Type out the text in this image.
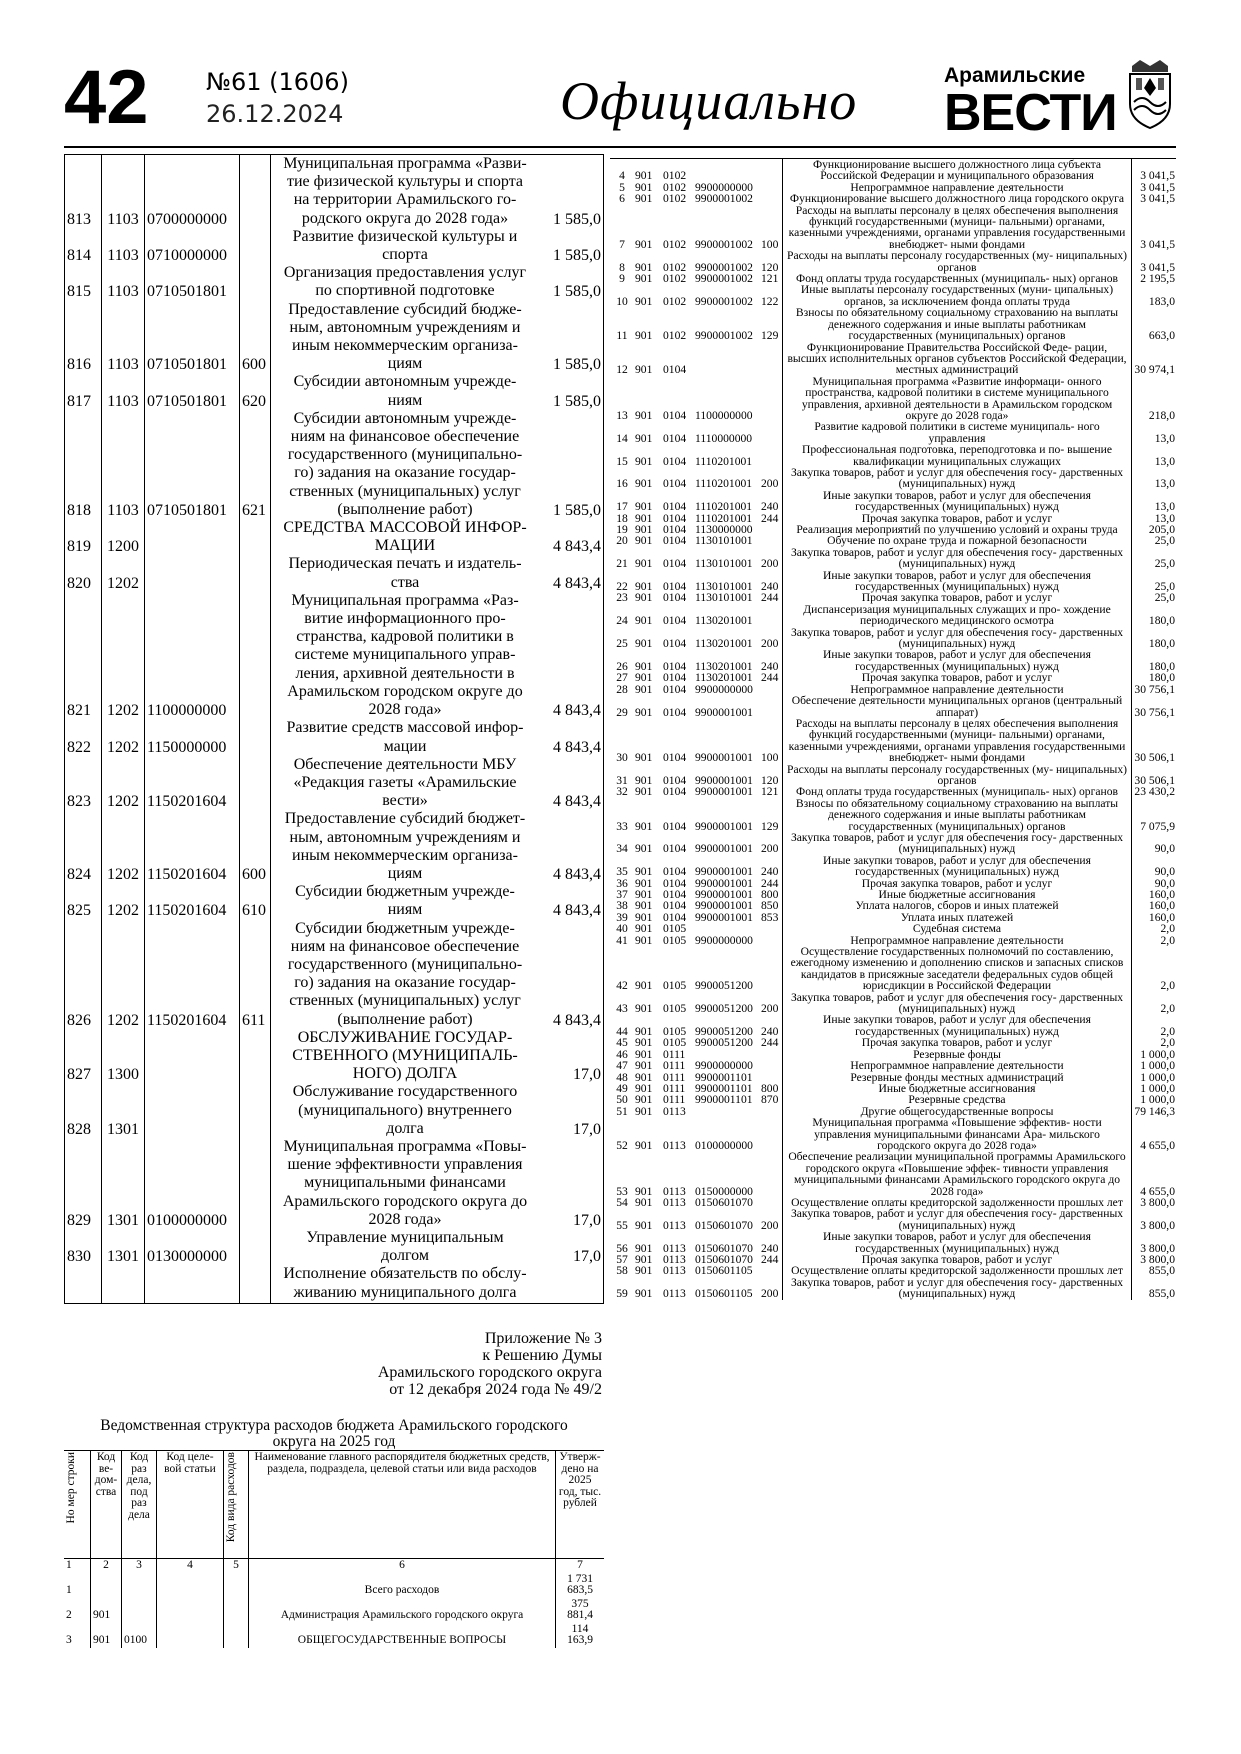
42 №61 (1606)
26.12.2024	Официально	Арамильские
ВЕСТИ
				Муниципальная программа «Разви-	
				тие физической культуры и спорта	
				на территории Арамильского го-	
813	1103	0700000000		родского округа до 2028 года»	1 585,0
				Развитие физической культуры и	
814	1103	0710000000		спорта	1 585,0
				Организация предоставления услуг	
815	1103	0710501801		по спортивной подготовке	1 585,0
				Предоставление субсидий бюдже-	
				ным, автономным учреждениям и	
				иным некоммерческим организа-	
816	1103	0710501801	600	циям	1 585,0
				Субсидии автономным учрежде-	
817	1103	0710501801	620	ниям	1 585,0
				Субсидии автономным учрежде-	
				ниям на финансовое обеспечение	
				государственного (муниципально-	
				го) задания на оказание государ-	
				ственных (муниципальных) услуг	
818	1103	0710501801	621	(выполнение работ)	1 585,0
				СРЕДСТВА МАССОВОЙ ИНФОР-	
819	1200			МАЦИИ	4 843,4
				Периодическая печать и издатель-	
820	1202			ства	4 843,4
				Муниципальная программа «Раз-	
				витие информационного про-	
				странства, кадровой политики в	
				системе муниципального управ-	
				ления, архивной деятельности в	
				Арамильском городском округе до	
821	1202	1100000000		2028 года»	4 843,4
				Развитие средств массовой инфор-	
822	1202	1150000000		мации	4 843,4
				Обеспечение деятельности МБУ	
				«Редакция газеты «Арамильские	
823	1202	1150201604		вести»	4 843,4
				Предоставление субсидий бюджет-	
				ным, автономным учреждениям и	
				иным некоммерческим организа-	
824	1202	1150201604	600	циям	4 843,4
				Субсидии бюджетным учрежде-	
825	1202	1150201604	610	ниям	4 843,4
				Субсидии бюджетным учрежде-	
				ниям на финансовое обеспечение	
				государственного (муниципально-	
				го) задания на оказание государ-	
				ственных (муниципальных) услуг	
826	1202	1150201604	611	(выполнение работ)	4 843,4
				ОБСЛУЖИВАНИЕ ГОСУДАР-	
				СТВЕННОГО (МУНИЦИПАЛЬ-	
827	1300			НОГО) ДОЛГА	17,0
				Обслуживание государственного	
				(муниципального) внутреннего	
828	1301			долга	17,0
				Муниципальная программа «Повы-	
				шение эффективности управления	
				муниципальными финансами	
				Арамильского городского округа до	
829	1301	0100000000		2028 года»	17,0
				Управление муниципальным	
830	1301	0130000000		долгом	17,0
				Исполнение обязательств по обслу-	
				живанию муниципального долга	

Приложение № 3
к Решению Думы
Арамильского городского округа
от 12 декабря 2024 года № 49/2
Ведомственная структура расходов бюджета Арамильского городского
округа на 2025 год
Но мер строки	Код ве- дом- ства	Код раз дела, под раз дела	Код целе- вой статьи	Код вида расходов	Наименование главного распорядителя бюджетных средств, раздела, подраздела, целевой статьи или вида расходов	Утверж- дено на 2025 год, тыс. рублей
1	2	3	4	5	6	7
1					Всего расходов	1 731
683,5

2	901				Администрация Арамильского городского округа	375
881,4

3	901	0100			ОБЩЕГОСУДАРСТВЕННЫЕ ВОПРОСЫ	114
163,9
4	901	0102			Функционирование высшего должностного лица субъекта Российской Федерации и муниципального образования	3 041,5
5	901	0102	9900000000		Непрограммное направление деятельности	3 041,5
6	901	0102	9900001002		Функционирование высшего должностного лица городского округа	3 041,5
7	901	0102	9900001002	100	Расходы на выплаты персоналу в целях обеспечения выполнения функций государственными (муници- пальными) органами, казенными учреждениями, органами управления государственными внебюджет- ными фондами	3 041,5
8	901	0102	9900001002	120	Расходы на выплаты персоналу государственных (му- ниципальных) органов	3 041,5
9	901	0102	9900001002	121	Фонд оплаты труда государственных (муниципаль- ных) органов	2 195,5
10	901	0102	9900001002	122	Иные выплаты персоналу государственных (муни- ципальных) органов, за исключением фонда оплаты труда	183,0
11	901	0102	9900001002	129	Взносы по обязательному социальному страхованию на выплаты денежного содержания и иные выплаты работникам государственных (муниципальных) органов	663,0
12	901	0104			Функционирование Правительства Российской Феде- рации, высших исполнительных органов субъектов Российской Федерации, местных администраций	30 974,1
13	901	0104	1100000000		Муниципальная программа «Развитие информаци- онного пространства, кадровой политики в системе муниципального управления, архивной деятельности в Арамильском городском округе до 2028 года»	218,0
14	901	0104	1110000000		Развитие кадровой политики в системе муниципаль- ного управления	13,0
15	901	0104	1110201001		Профессиональная подготовка, переподготовка и по- вышение квалификации муниципальных служащих	13,0
16	901	0104	1110201001	200	Закупка товаров, работ и услуг для обеспечения госу- дарственных (муниципальных) нужд	13,0
17	901	0104	1110201001	240	Иные закупки товаров, работ и услуг для обеспечения государственных (муниципальных) нужд	13,0
18	901	0104	1110201001	244	Прочая закупка товаров, работ и услуг	13,0
19	901	0104	1130000000		Реализация мероприятий по улучшению условий и охраны труда	205,0
20	901	0104	1130101001		Обучение по охране труда и пожарной безопасности	25,0
21	901	0104	1130101001	200	Закупка товаров, работ и услуг для обеспечения госу- дарственных (муниципальных) нужд	25,0
22	901	0104	1130101001	240	Иные закупки товаров, работ и услуг для обеспечения государственных (муниципальных) нужд	25,0
23	901	0104	1130101001	244	Прочая закупка товаров, работ и услуг	25,0
24	901	0104	1130201001		Диспансеризация муниципальных служащих и про- хождение периодического медицинского осмотра	180,0
25	901	0104	1130201001	200	Закупка товаров, работ и услуг для обеспечения госу- дарственных (муниципальных) нужд	180,0
26	901	0104	1130201001	240	Иные закупки товаров, работ и услуг для обеспечения государственных (муниципальных) нужд	180,0
27	901	0104	1130201001	244	Прочая закупка товаров, работ и услуг	180,0
28	901	0104	9900000000		Непрограммное направление деятельности	30 756,1
29	901	0104	9900001001		Обеспечение деятельности муниципальных органов (центральный аппарат)	30 756,1
30	901	0104	9900001001	100	Расходы на выплаты персоналу в целях обеспечения выполнения функций государственными (муници- пальными) органами, казенными учреждениями, органами управления государственными внебюджет- ными фондами	30 506,1
31	901	0104	9900001001	120	Расходы на выплаты персоналу государственных (му- ниципальных) органов	30 506,1
32	901	0104	9900001001	121	Фонд оплаты труда государственных (муниципаль- ных) органов	23 430,2
33	901	0104	9900001001	129	Взносы по обязательному социальному страхованию на выплаты денежного содержания и иные выплаты работникам государственных (муниципальных) органов	7 075,9
34	901	0104	9900001001	200	Закупка товаров, работ и услуг для обеспечения госу- дарственных (муниципальных) нужд	90,0
35	901	0104	9900001001	240	Иные закупки товаров, работ и услуг для обеспечения государственных (муниципальных) нужд	90,0
36	901	0104	9900001001	244	Прочая закупка товаров, работ и услуг	90,0
37	901	0104	9900001001	800	Иные бюджетные ассигнования	160,0
38	901	0104	9900001001	850	Уплата налогов, сборов и иных платежей	160,0
39	901	0104	9900001001	853	Уплата иных платежей	160,0
40	901	0105			Судебная система	2,0
41	901	0105	9900000000		Непрограммное направление деятельности	2,0
42	901	0105	9900051200		Осуществление государственных полномочий по составлению, ежегодному изменению и дополнению списков и запасных списков кандидатов в присяжные заседатели федеральных судов общей юрисдикции в Российской Федерации	2,0
43	901	0105	9900051200	200	Закупка товаров, работ и услуг для обеспечения госу- дарственных (муниципальных) нужд	2,0
44	901	0105	9900051200	240	Иные закупки товаров, работ и услуг для обеспечения государственных (муниципальных) нужд	2,0
45	901	0105	9900051200	244	Прочая закупка товаров, работ и услуг	2,0
46	901	0111			Резервные фонды	1 000,0
47	901	0111	9900000000		Непрограммное направление деятельности	1 000,0
48	901	0111	9900001101		Резервные фонды местных администраций	1 000,0
49	901	0111	9900001101	800	Иные бюджетные ассигнования	1 000,0
50	901	0111	9900001101	870	Резервные средства	1 000,0
51	901	0113			Другие общегосударственные вопросы	79 146,3
52	901	0113	0100000000		Муниципальная программа «Повышение эффектив- ности управления муниципальными финансами Ара- мильского городского округа до 2028 года»	4 655,0
53	901	0113	0150000000		Обеспечение реализации муниципальной программы Арамильского городского округа «Повышение эффек- тивности управления муниципальными финансами Арамильского городского округа до 2028 года»	4 655,0
54	901	0113	0150601070		Осуществление оплаты кредиторской задолженности прошлых лет	3 800,0
55	901	0113	0150601070	200	Закупка товаров, работ и услуг для обеспечения госу- дарственных (муниципальных) нужд	3 800,0
56	901	0113	0150601070	240	Иные закупки товаров, работ и услуг для обеспечения государственных (муниципальных) нужд	3 800,0
57	901	0113	0150601070	244	Прочая закупка товаров, работ и услуг	3 800,0
58	901	0113	0150601105		Осуществление оплаты кредиторской задолженности прошлых лет	855,0
59	901	0113	0150601105	200	Закупка товаров, работ и услуг для обеспечения госу- дарственных (муниципальных) нужд	855,0
